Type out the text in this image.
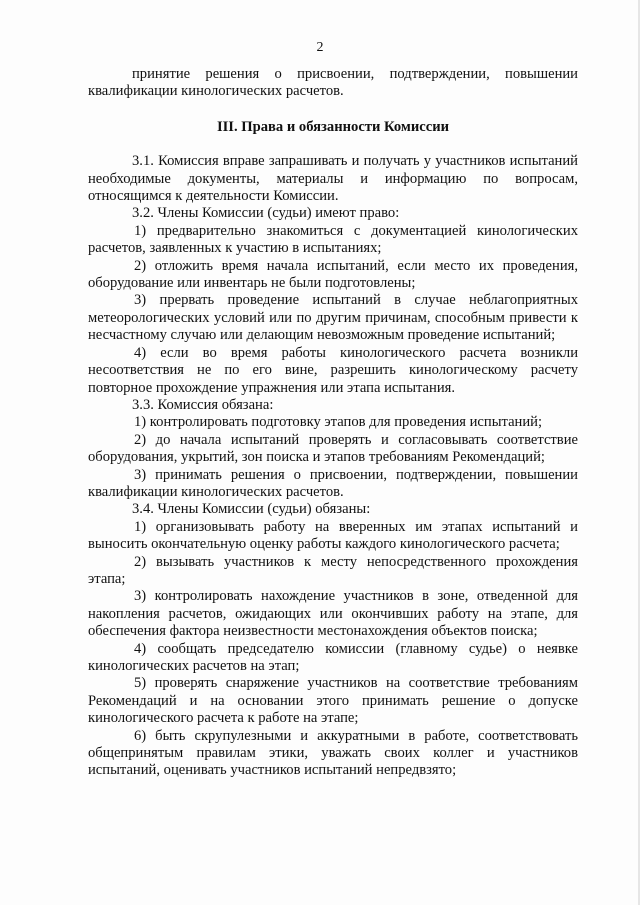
2

принятие решения о присвоении, подтверждении, повышении квалификации кинологических расчетов.

III. Права и обязанности Комиссии

3.1. Комиссия вправе запрашивать и получать у участников испытаний необходимые документы, материалы и информацию по вопросам, относящимся к деятельности Комиссии.

3.2. Члены Комиссии (судьи) имеют право:

1) предварительно знакомиться с документацией кинологических расчетов, заявленных к участию в испытаниях;

2) отложить время начала испытаний, если место их проведения, оборудование или инвентарь не были подготовлены;

3) прервать проведение испытаний в случае неблагоприятных метеорологических условий или по другим причинам, способным привести к несчастному случаю или делающим невозможным проведение испытаний;

4) если во время работы кинологического расчета возникли несоответствия не по его вине, разрешить кинологическому расчету повторное прохождение упражнения или этапа испытания.

3.3. Комиссия обязана:

1) контролировать подготовку этапов для проведения испытаний;

2) до начала испытаний проверять и согласовывать соответствие оборудования, укрытий, зон поиска и этапов требованиям Рекомендаций;

3) принимать решения о присвоении, подтверждении, повышении квалификации кинологических расчетов.

3.4. Члены Комиссии (судьи) обязаны:

1) организовывать работу на вверенных им этапах испытаний и выносить окончательную оценку работы каждого кинологического расчета;

2) вызывать участников к месту непосредственного прохождения этапа;

3) контролировать нахождение участников в зоне, отведенной для накопления расчетов, ожидающих или окончивших работу на этапе, для обеспечения фактора неизвестности местонахождения объектов поиска;

4) сообщать председателю комиссии (главному судье) о неявке кинологических расчетов на этап;

5) проверять снаряжение участников на соответствие требованиям Рекомендаций и на основании этого принимать решение о допуске кинологического расчета к работе на этапе;

6) быть скрупулезными и аккуратными в работе, соответствовать общепринятым правилам этики, уважать своих коллег и участников испытаний, оценивать участников испытаний непредвзято;
